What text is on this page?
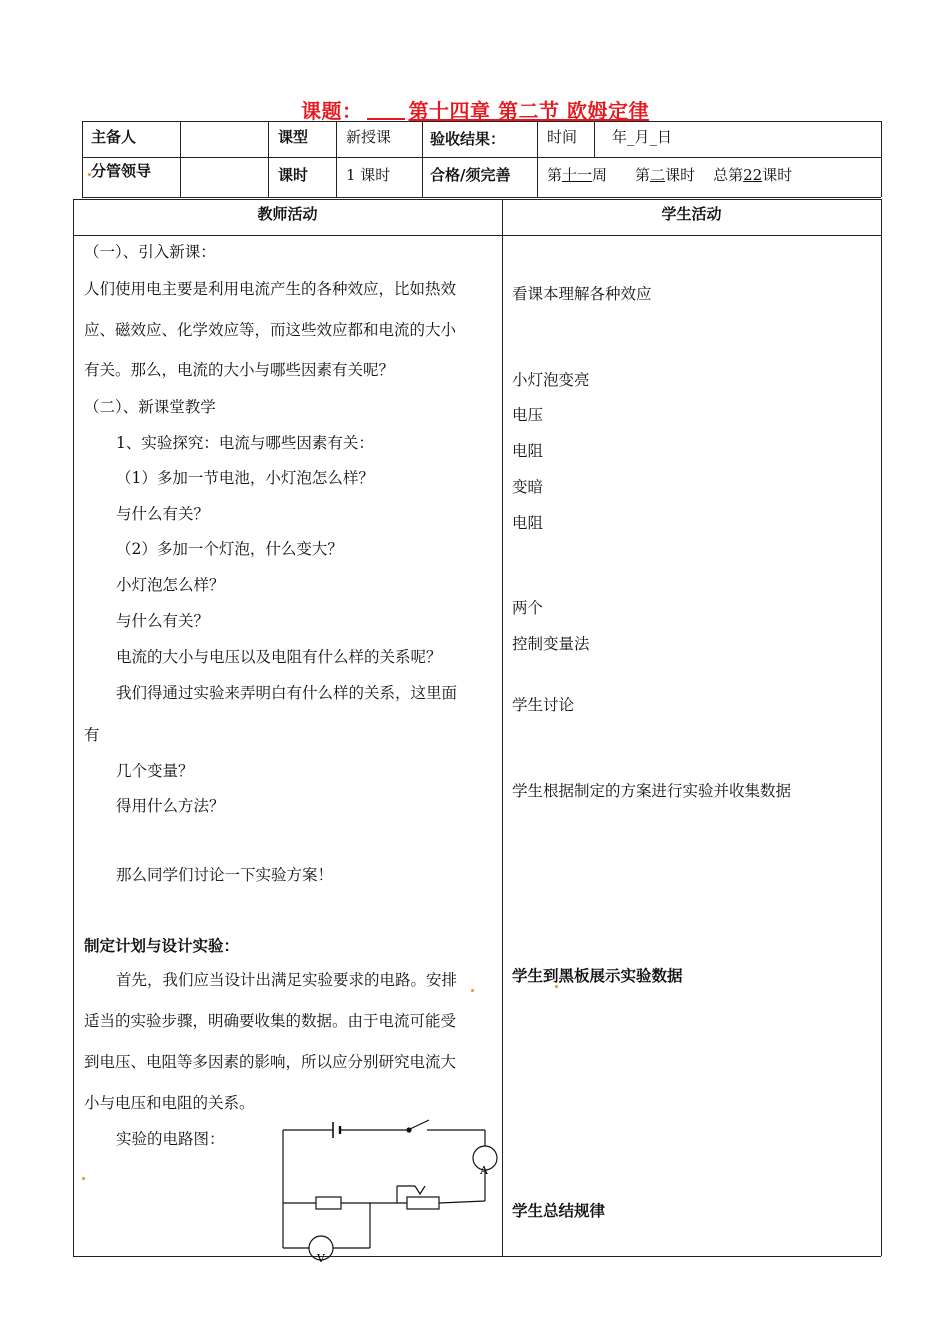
课题： 第十四章 第二节 欧姆定律
主备人
分管领导
课型
课时
新授课
1 课时
验收结果：
合格/须完善
时间 年_月_日
第十一周 第二课时 总第22课时
教师活动	学生活动
（一）、引入新课：
人们使用电主要是利用电流产生的各种效应，比如热效
应、磁效应、化学效应等，而这些效应都和电流的大小
有关。那么，电流的大小与哪些因素有关呢？
（二）、新课堂教学
1、实验探究：电流与哪些因素有关：
（1）多加一节电池，小灯泡怎么样？
与什么有关？
（2）多加一个灯泡，什么变大？
小灯泡怎么样？
与什么有关？
电流的大小与电压以及电阻有什么样的关系呢？
我们得通过实验来弄明白有什么样的关系，这里面
有
几个变量？
得用什么方法？
那么同学们讨论一下实验方案！
制定计划与设计实验：
首先，我们应当设计出满足实验要求的电路。安排
适当的实验步骤，明确要收集的数据。由于电流可能受
到电压、电阻等多因素的影响，所以应分别研究电流大
小与电压和电阻的关系。
实验的电路图：
A
V
看课本理解各种效应
小灯泡变亮
电压
电阻
变暗
电阻
两个
控制变量法
学生讨论
学生根据制定的方案进行实验并收集数据
学生到黑板展示实验数据
学生总结规律
